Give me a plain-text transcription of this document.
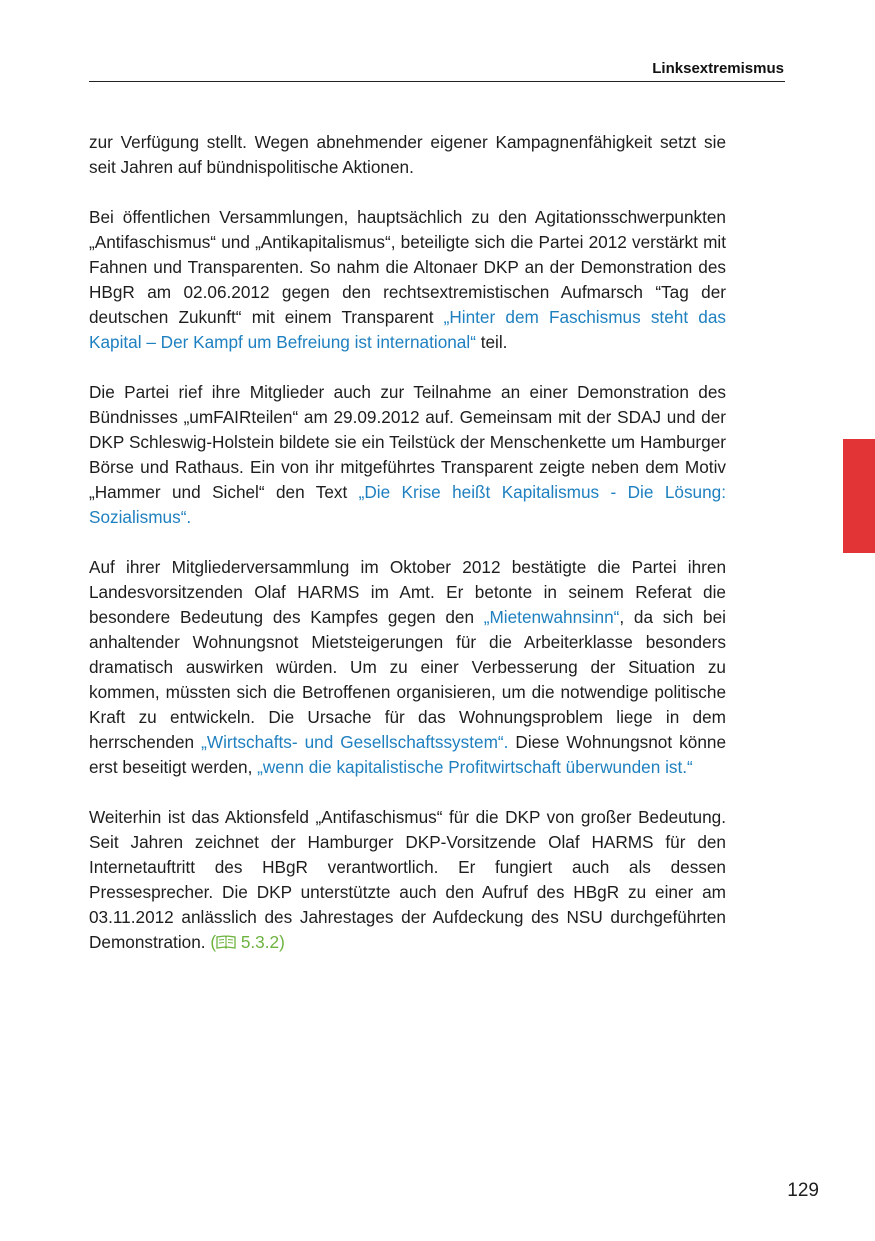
Linksextremismus

zur Verfügung stellt. Wegen abnehmender eigener Kampagnenfähigkeit setzt sie seit Jahren auf bündnispolitische Aktionen.

Bei öffentlichen Versammlungen, hauptsächlich zu den Agitationsschwerpunkten „Antifaschismus“ und „Antikapitalismus“, beteiligte sich die Partei 2012 verstärkt mit Fahnen und Transparenten. So nahm die Altonaer DKP an der Demonstration des HBgR am 02.06.2012 gegen den rechtsextremistischen Aufmarsch “Tag der deutschen Zukunft“ mit einem Transparent „Hinter dem Faschismus steht das Kapital – Der Kampf um Befreiung ist international“ teil.

Die Partei rief ihre Mitglieder auch zur Teilnahme an einer Demonstration des Bündnisses „umFAIRteilen“ am 29.09.2012 auf. Gemeinsam mit der SDAJ und der DKP Schleswig-Holstein bildete sie ein Teilstück der Menschenkette um Hamburger Börse und Rathaus. Ein von ihr mitgeführtes Transparent zeigte neben dem Motiv „Hammer und Sichel“ den Text „Die Krise heißt Kapitalismus - Die Lösung: Sozialismus“.

Auf ihrer Mitgliederversammlung im Oktober 2012 bestätigte die Partei ihren Landesvorsitzenden Olaf HARMS im Amt. Er betonte in seinem Referat die besondere Bedeutung des Kampfes gegen den „Mietenwahnsinn“, da sich bei anhaltender Wohnungsnot Mietsteigerungen für die Arbeiterklasse besonders dramatisch auswirken würden. Um zu einer Verbesserung der Situation zu kommen, müssten sich die Betroffenen organisieren, um die notwendige politische Kraft zu entwickeln. Die Ursache für das Wohnungsproblem liege in dem herrschenden „Wirtschafts- und Gesellschaftssystem“. Diese Wohnungsnot könne erst beseitigt werden, „wenn die kapitalistische Profitwirtschaft überwunden ist.“

Weiterhin ist das Aktionsfeld „Antifaschismus“ für die DKP von großer Bedeutung. Seit Jahren zeichnet der Hamburger DKP-Vorsitzende Olaf HARMS für den Internetauftritt des HBgR verantwortlich. Er fungiert auch als dessen Pressesprecher. Die DKP unterstützte auch den Aufruf des HBgR zu einer am 03.11.2012 anlässlich des Jahrestages der Aufdeckung des NSU durchgeführten Demonstration. ( 5.3.2)

129
